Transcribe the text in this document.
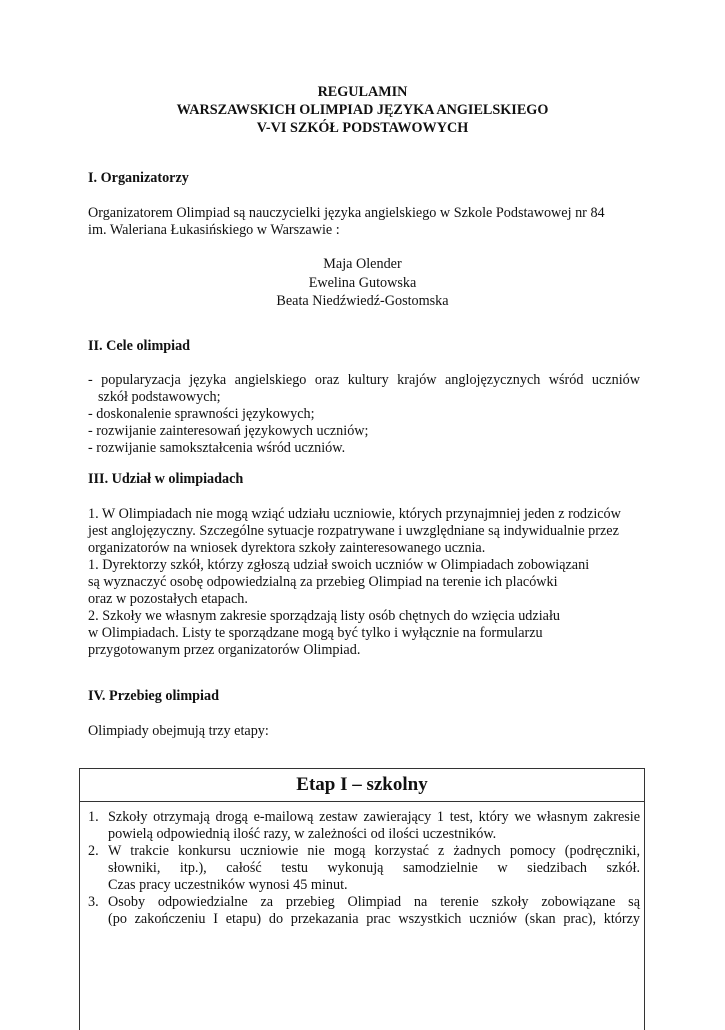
REGULAMIN
WARSZAWSKICH OLIMPIAD JĘZYKA ANGIELSKIEGO
V-VI SZKÓŁ PODSTAWOWYCH
I. Organizatorzy
Organizatorem Olimpiad są nauczycielki języka angielskiego w Szkole Podstawowej nr 84
im. Waleriana Łukasińskiego w Warszawie :
Maja Olender
Ewelina Gutowska
Beata Niedźwiedź-Gostomska
II. Cele olimpiad
- popularyzacja języka angielskiego oraz kultury krajów anglojęzycznych wśród uczniów
szkół podstawowych;
- doskonalenie sprawności językowych;
- rozwijanie zainteresowań językowych uczniów;
- rozwijanie samokształcenia wśród uczniów.
III. Udział w olimpiadach
1. W Olimpiadach nie mogą wziąć udziału uczniowie, których przynajmniej jeden z rodziców
jest anglojęzyczny. Szczególne sytuacje rozpatrywane i uwzględniane są indywidualnie przez
organizatorów na wniosek dyrektora szkoły zainteresowanego ucznia.
1. Dyrektorzy szkół, którzy zgłoszą udział swoich uczniów w Olimpiadach zobowiązani
są wyznaczyć osobę odpowiedzialną za przebieg Olimpiad na terenie ich placówki
oraz w pozostałych etapach.
2. Szkoły we własnym zakresie sporządzają listy osób chętnych do wzięcia udziału
w Olimpiadach. Listy te sporządzane mogą być tylko i wyłącznie na formularzu
przygotowanym przez organizatorów Olimpiad.
IV. Przebieg olimpiad
Olimpiady obejmują trzy etapy:
Etap I – szkolny
1. Szkoły otrzymają drogą e-mailową zestaw zawierający 1 test, który we własnym zakresie
powielą odpowiednią ilość razy, w zależności od ilości uczestników.
2. W trakcie konkursu uczniowie nie mogą korzystać z żadnych pomocy (podręczniki,
słowniki, itp.), całość testu wykonują samodzielnie w siedzibach szkół.
Czas pracy uczestników wynosi 45 minut.
3. Osoby odpowiedzialne za przebieg Olimpiad na terenie szkoły zobowiązane są
(po zakończeniu I etapu) do przekazania prac wszystkich uczniów (skan prac), którzy
